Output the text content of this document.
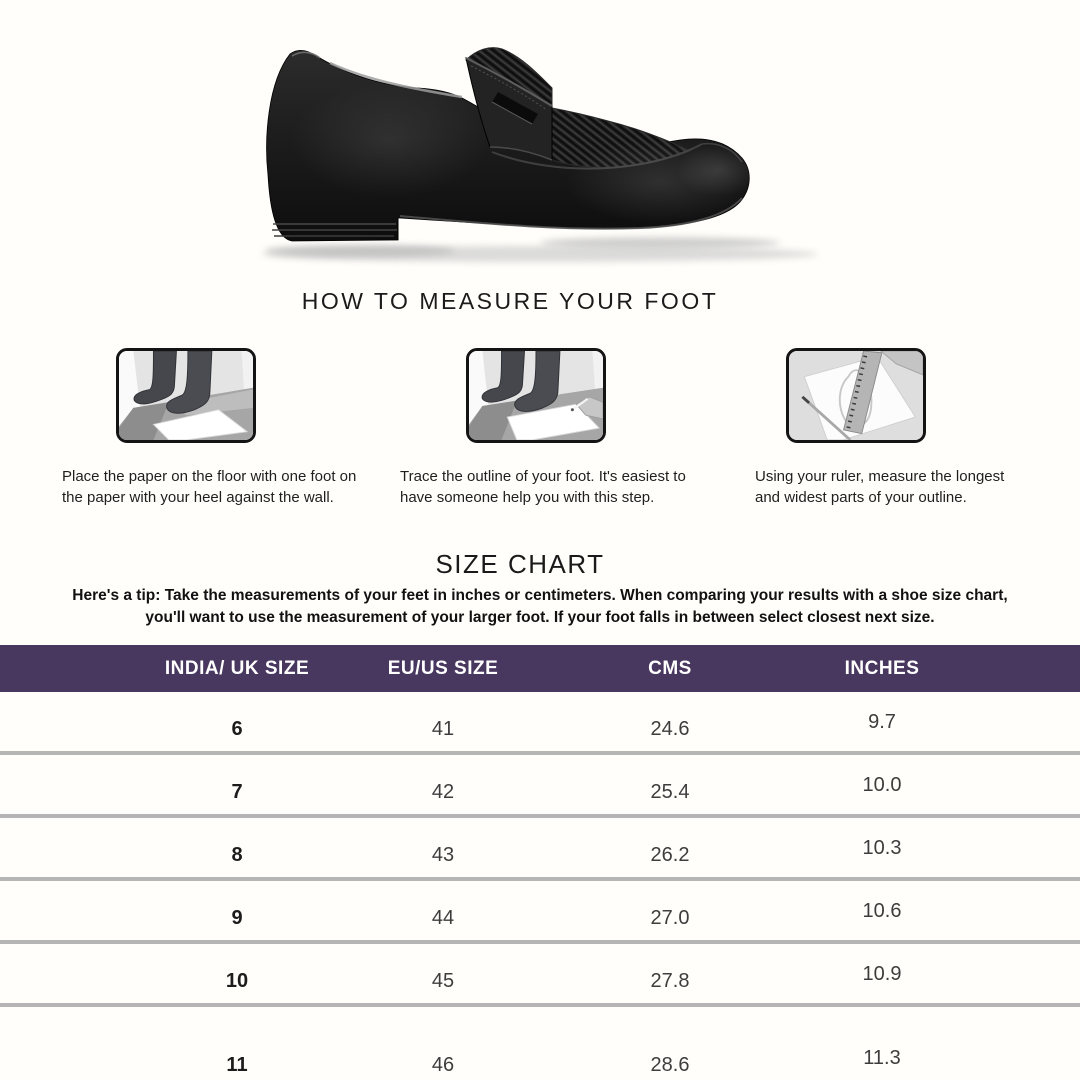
HOW TO MEASURE YOUR FOOT
Place the paper on the floor with one foot on the paper with your heel against the wall.
Trace the outline of your foot. It's easiest to have someone help you with this step.
Using your ruler, measure the longest and widest parts of your outline.
SIZE CHART
Here's a tip: Take the measurements of your feet in inches or centimeters. When comparing your results with a shoe size chart,
you'll want to use the measurement of your larger foot. If your foot falls in between select closest next size.
INDIA/ UK SIZE	EU/US SIZE	CMS	INCHES
6	41	24.6	9.7
7	42	25.4	10.0
8	43	26.2	10.3
9	44	27.0	10.6
10	45	27.8	10.9
11	46	28.6	11.3
